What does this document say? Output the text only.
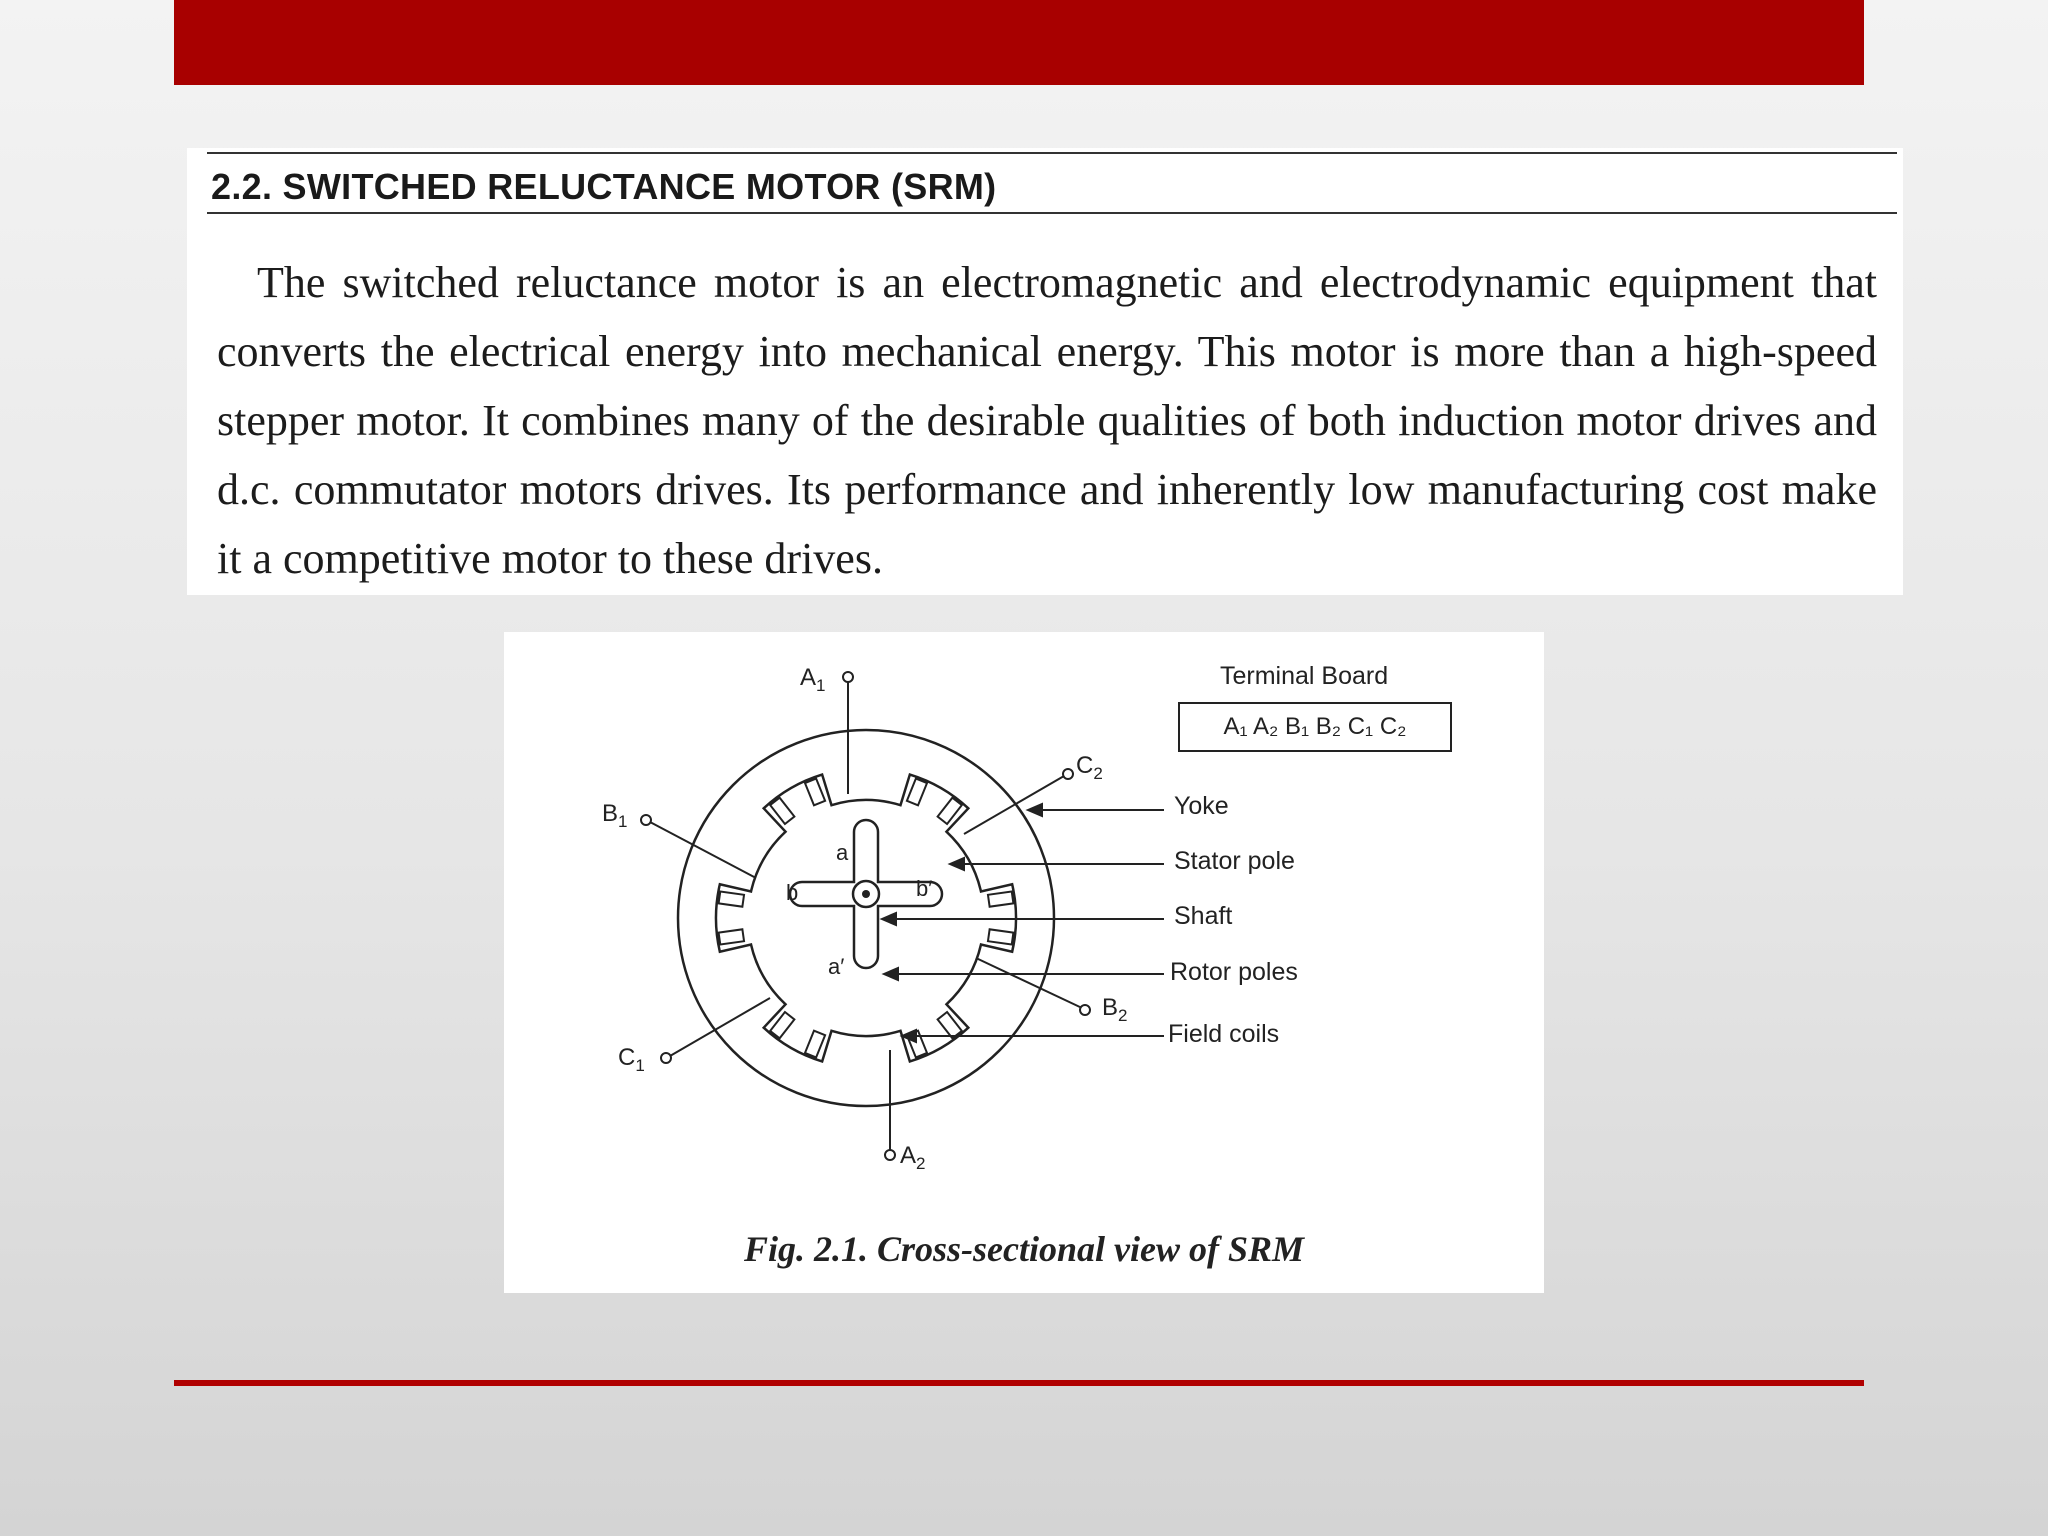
2.2. SWITCHED RELUCTANCE MOTOR (SRM)

The switched reluctance motor is an electromagnetic and electrodynamic equipment that converts the electrical energy into mechanical energy. This motor is more than a high-speed stepper motor. It combines many of the desirable qualities of both induction motor drives and d.c. commutator motors drives. Its performance and inherently low manufacturing cost make it a competitive motor to these drives.

Terminal Board
A₁ A₂ B₁ B₂ C₁ C₂
Yoke
Stator pole
Shaft
Rotor poles
Field coils
$A_1$
$A_2$
$B_1$
$B_2$
$C_1$
$C_2$
a
a′
b	b′
Fig. 2.1. Cross-sectional view of SRM
